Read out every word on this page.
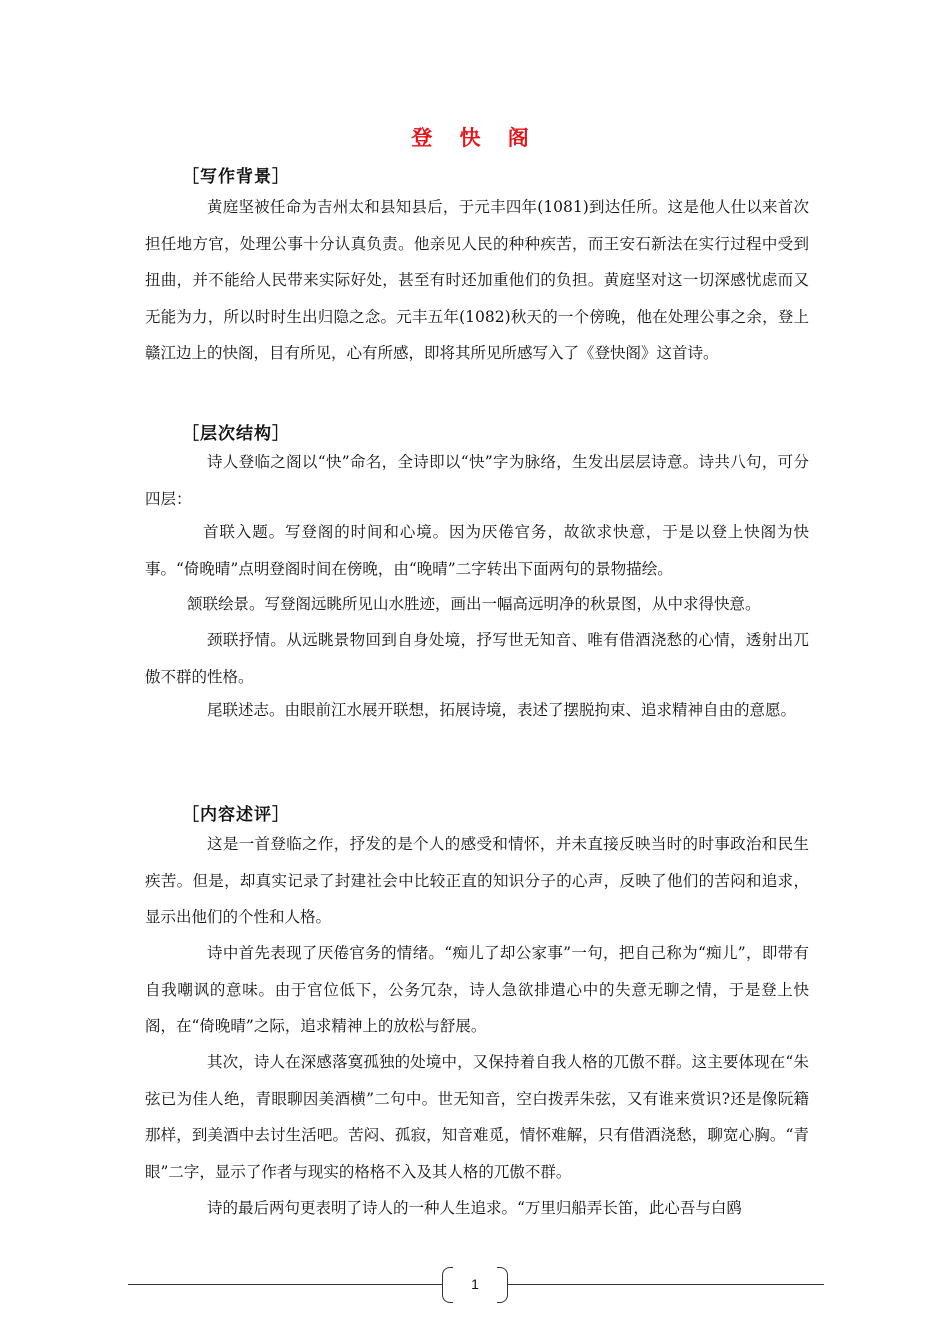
登 快 阁
［写作背景］

黄庭坚被任命为吉州太和县知县后，于元丰四年(1081)到达任所。这是他人仕以来首次担任地方官，处理公事十分认真负责。他亲见人民的种种疾苦，而王安石新法在实行过程中受到扭曲，并不能给人民带来实际好处，甚至有时还加重他们的负担。黄庭坚对这一切深感忧虑而又无能为力，所以时时生出归隐之念。元丰五年(1082)秋天的一个傍晚，他在处理公事之余，登上赣江边上的快阁，目有所见，心有所感，即将其所见所感写入了《登快阁》这首诗。

［层次结构］

诗人登临之阁以“快”命名，全诗即以“快”字为脉络，生发出层层诗意。诗共八句，可分四层：

首联入题。写登阁的时间和心境。因为厌倦官务，故欲求快意，于是以登上快阁为快事。“倚晚晴”点明登阁时间在傍晚，由“晚晴”二字转出下面两句的景物描绘。

颔联绘景。写登阁远眺所见山水胜迹，画出一幅高远明净的秋景图，从中求得快意。

颈联抒情。从远眺景物回到自身处境，抒写世无知音、唯有借酒浇愁的心情，透射出兀傲不群的性格。

尾联述志。由眼前江水展开联想，拓展诗境，表述了摆脱拘束、追求精神自由的意愿。

［内容述评］

这是一首登临之作，抒发的是个人的感受和情怀，并未直接反映当时的时事政治和民生疾苦。但是，却真实记录了封建社会中比较正直的知识分子的心声，反映了他们的苦闷和追求，显示出他们的个性和人格。

诗中首先表现了厌倦官务的情绪。“痴儿了却公家事”一句，把自己称为“痴儿”，即带有自我嘲讽的意味。由于官位低下，公务冗杂，诗人急欲排遣心中的失意无聊之情，于是登上快阁，在“倚晚晴”之际，追求精神上的放松与舒展。

其次，诗人在深感落寞孤独的处境中，又保持着自我人格的兀傲不群。这主要体现在“朱弦已为佳人绝，青眼聊因美酒横”二句中。世无知音，空白拨弄朱弦，又有谁来赏识?还是像阮籍那样，到美酒中去讨生活吧。苦闷、孤寂，知音难觅，情怀难解，只有借酒浇愁，聊宽心胸。“青眼”二字，显示了作者与现实的格格不入及其人格的兀傲不群。

诗的最后两句更表明了诗人的一种人生追求。“万里归船弄长笛，此心吾与白鸥

1
